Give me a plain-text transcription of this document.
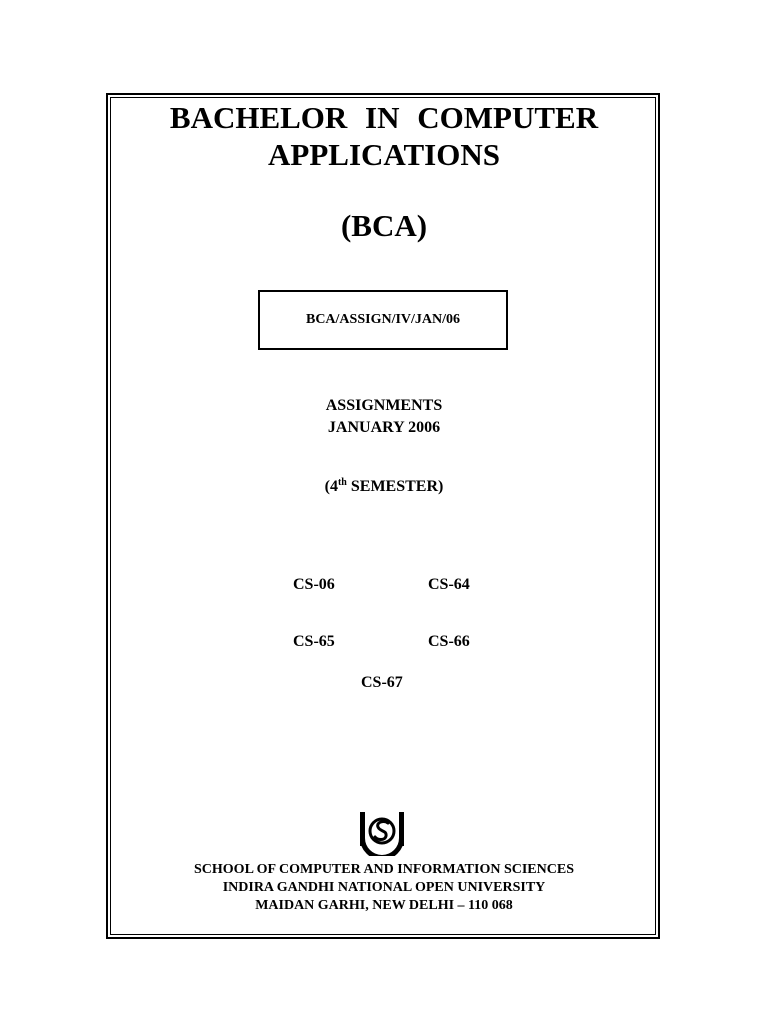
BACHELOR IN COMPUTER
APPLICATIONS
(BCA)
BCA/ASSIGN/IV/JAN/06
ASSIGNMENTS
JANUARY 2006
(4th SEMESTER)
CS-06	CS-64
CS-65	CS-66
CS-67
SCHOOL OF COMPUTER AND INFORMATION SCIENCES
INDIRA GANDHI NATIONAL OPEN UNIVERSITY
MAIDAN GARHI, NEW DELHI – 110 068
